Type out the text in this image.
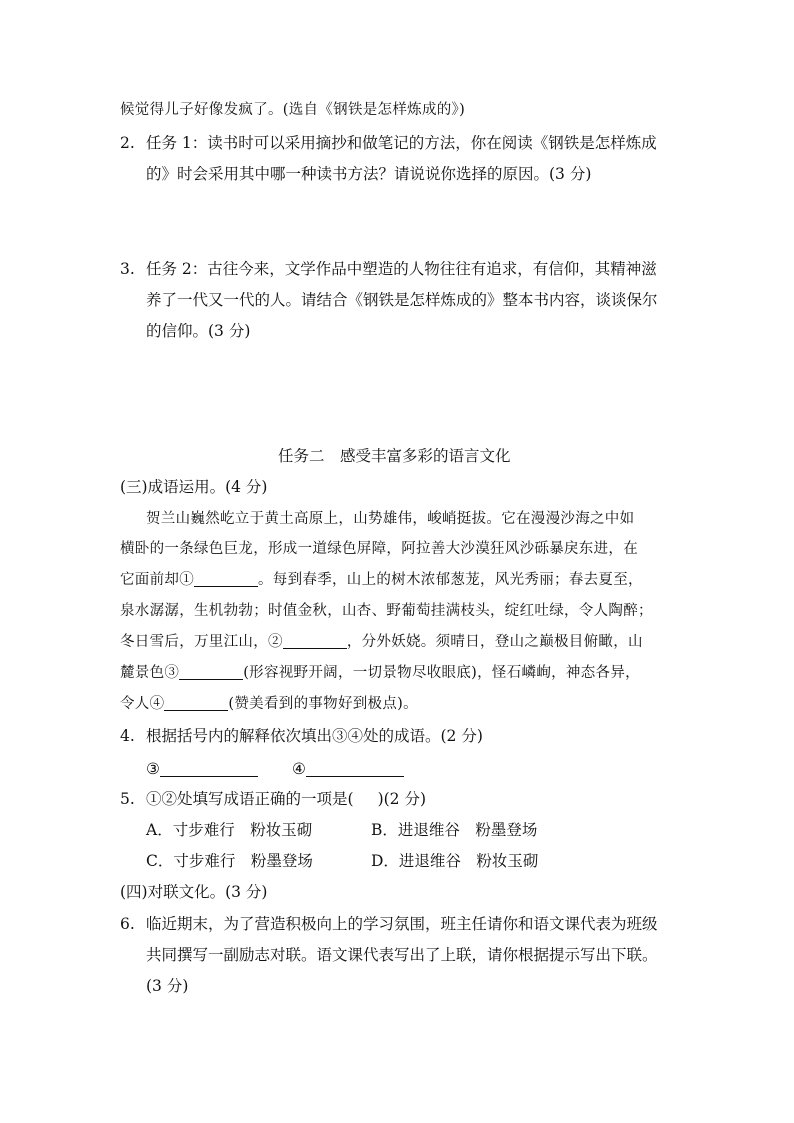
候觉得儿子好像发疯了。(选自《钢铁是怎样炼成的》)
2. 任务 1：读书时可以采用摘抄和做笔记的方法，你在阅读《钢铁是怎样炼成
的》时会采用其中哪一种读书方法？请说说你选择的原因。(3 分)
3. 任务 2：古往今来，文学作品中塑造的人物往往有追求，有信仰，其精神滋
养了一代又一代的人。请结合《钢铁是怎样炼成的》整本书内容，谈谈保尔
的信仰。(3 分)
任务二　感受丰富多彩的语言文化
(三)成语运用。(4 分)
贺兰山巍然屹立于黄土高原上，山势雄伟，峻峭挺拔。它在漫漫沙海之中如
横卧的一条绿色巨龙，形成一道绿色屏障，阿拉善大沙漠狂风沙砾暴戾东进，在
它面前却①	。每到春季，山上的树木浓郁葱茏，风光秀丽；春去夏至，
泉水潺潺，生机勃勃；时值金秋，山杏、野葡萄挂满枝头，绽红吐绿，令人陶醉；
冬日雪后，万里江山，②	，分外妖娆。须晴日，登山之巅极目俯瞰，山
麓景色③	(形容视野开阔，一切景物尽收眼底)，怪石嶙峋，神态各异，
令人④	(赞美看到的事物好到极点)。
4. 根据括号内的解释依次填出③④处的成语。(2 分)
③	④
5. ①②处填写成语正确的一项是( )(2 分)
A．寸步难行　粉妆玉砌	B．进退维谷　粉墨登场
C．寸步难行　粉墨登场	D．进退维谷　粉妆玉砌
(四)对联文化。(3 分)
6. 临近期末，为了营造积极向上的学习氛围，班主任请你和语文课代表为班级
共同撰写一副励志对联。语文课代表写出了上联，请你根据提示写出下联。
(3 分)
